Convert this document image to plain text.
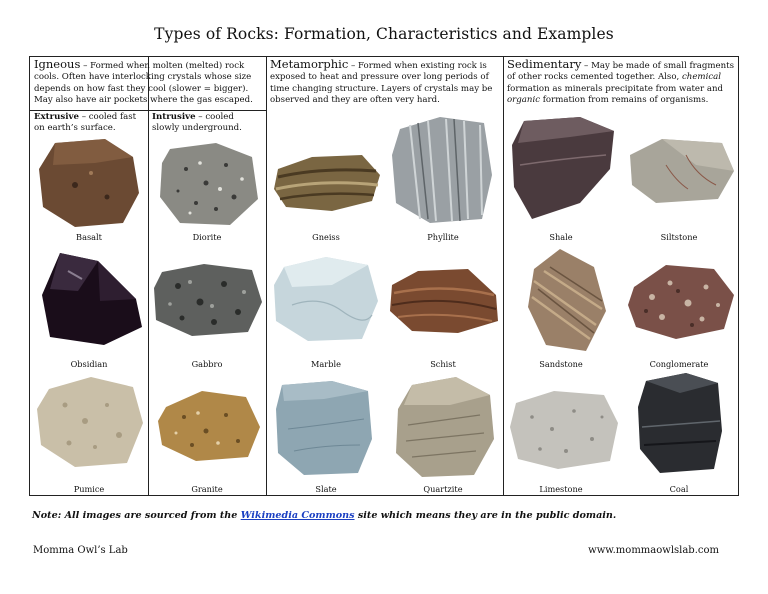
Types of Rocks: Formation, Characteristics and Examples
Igneous – Formed when molten (melted) rock cools. Often have interlocking crystals whose size depends on how fast they cool (slower = bigger). May also have air pockets where the gas escaped.
Extrusive – cooled fast on earth’s surface.
Intrusive – cooled slowly underground.
Metamorphic – Formed when existing rock is exposed to heat and pressure over long periods of time changing structure. Layers of crystals may be observed and they are often very hard.
Sedimentary – May be made of small fragments of other rocks cemented together. Also, chemical formation as minerals precipitate from water and organic formation from remains of organisms.
Basalt	Diorite	Gneiss	Phyllite	Shale	Siltstone
Obsidian	Gabbro	Marble	Schist	Sandstone	Conglomerate
Pumice	Granite	Slate	Quartzite	Limestone	Coal
Note: All images are sourced from the Wikimedia Commons site which means they are in the public domain.
Momma Owl’s Lab	www.mommaowlslab.com
